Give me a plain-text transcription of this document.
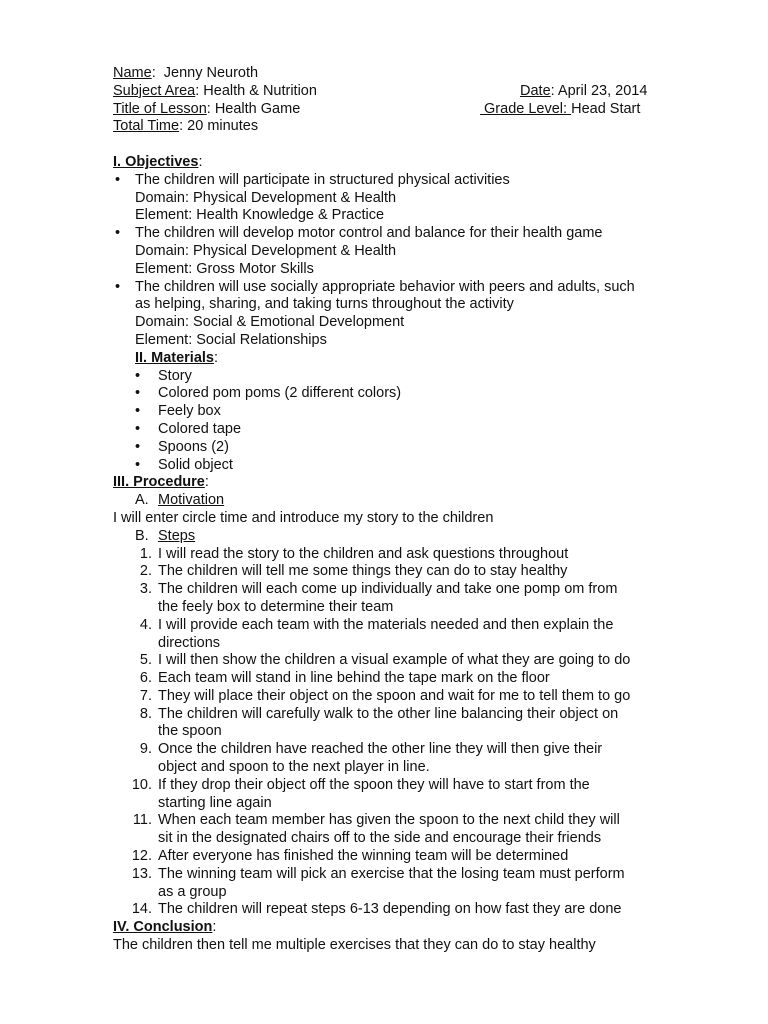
Name:  Jenny Neuroth
Subject Area: Health & Nutrition	Date: April 23, 2014
Title of Lesson: Health Game	Grade Level: Head Start
Total Time: 20 minutes
I. Objectives:
• The children will participate in structured physical activities
Domain: Physical Development & Health
Element: Health Knowledge & Practice
• The children will develop motor control and balance for their health game
Domain: Physical Development & Health
Element: Gross Motor Skills
• The children will use socially appropriate behavior with peers and adults, such
as helping, sharing, and taking turns throughout the activity
Domain: Social & Emotional Development
Element: Social Relationships
II. Materials:
• Story
• Colored pom poms (2 different colors)
• Feely box
• Colored tape
• Spoons (2)
• Solid object
III. Procedure:
A. Motivation
I will enter circle time and introduce my story to the children
B. Steps
1. I will read the story to the children and ask questions throughout
2. The children will tell me some things they can do to stay healthy
3. The children will each come up individually and take one pomp om from
the feely box to determine their team
4. I will provide each team with the materials needed and then explain the
directions
5. I will then show the children a visual example of what they are going to do
6. Each team will stand in line behind the tape mark on the floor
7. They will place their object on the spoon and wait for me to tell them to go
8. The children will carefully walk to the other line balancing their object on
the spoon
9. Once the children have reached the other line they will then give their
object and spoon to the next player in line.
10. If they drop their object off the spoon they will have to start from the
starting line again
11. When each team member has given the spoon to the next child they will
sit in the designated chairs off to the side and encourage their friends
12. After everyone has finished the winning team will be determined
13. The winning team will pick an exercise that the losing team must perform
as a group
14. The children will repeat steps 6-13 depending on how fast they are done
IV. Conclusion:
The children then tell me multiple exercises that they can do to stay healthy
